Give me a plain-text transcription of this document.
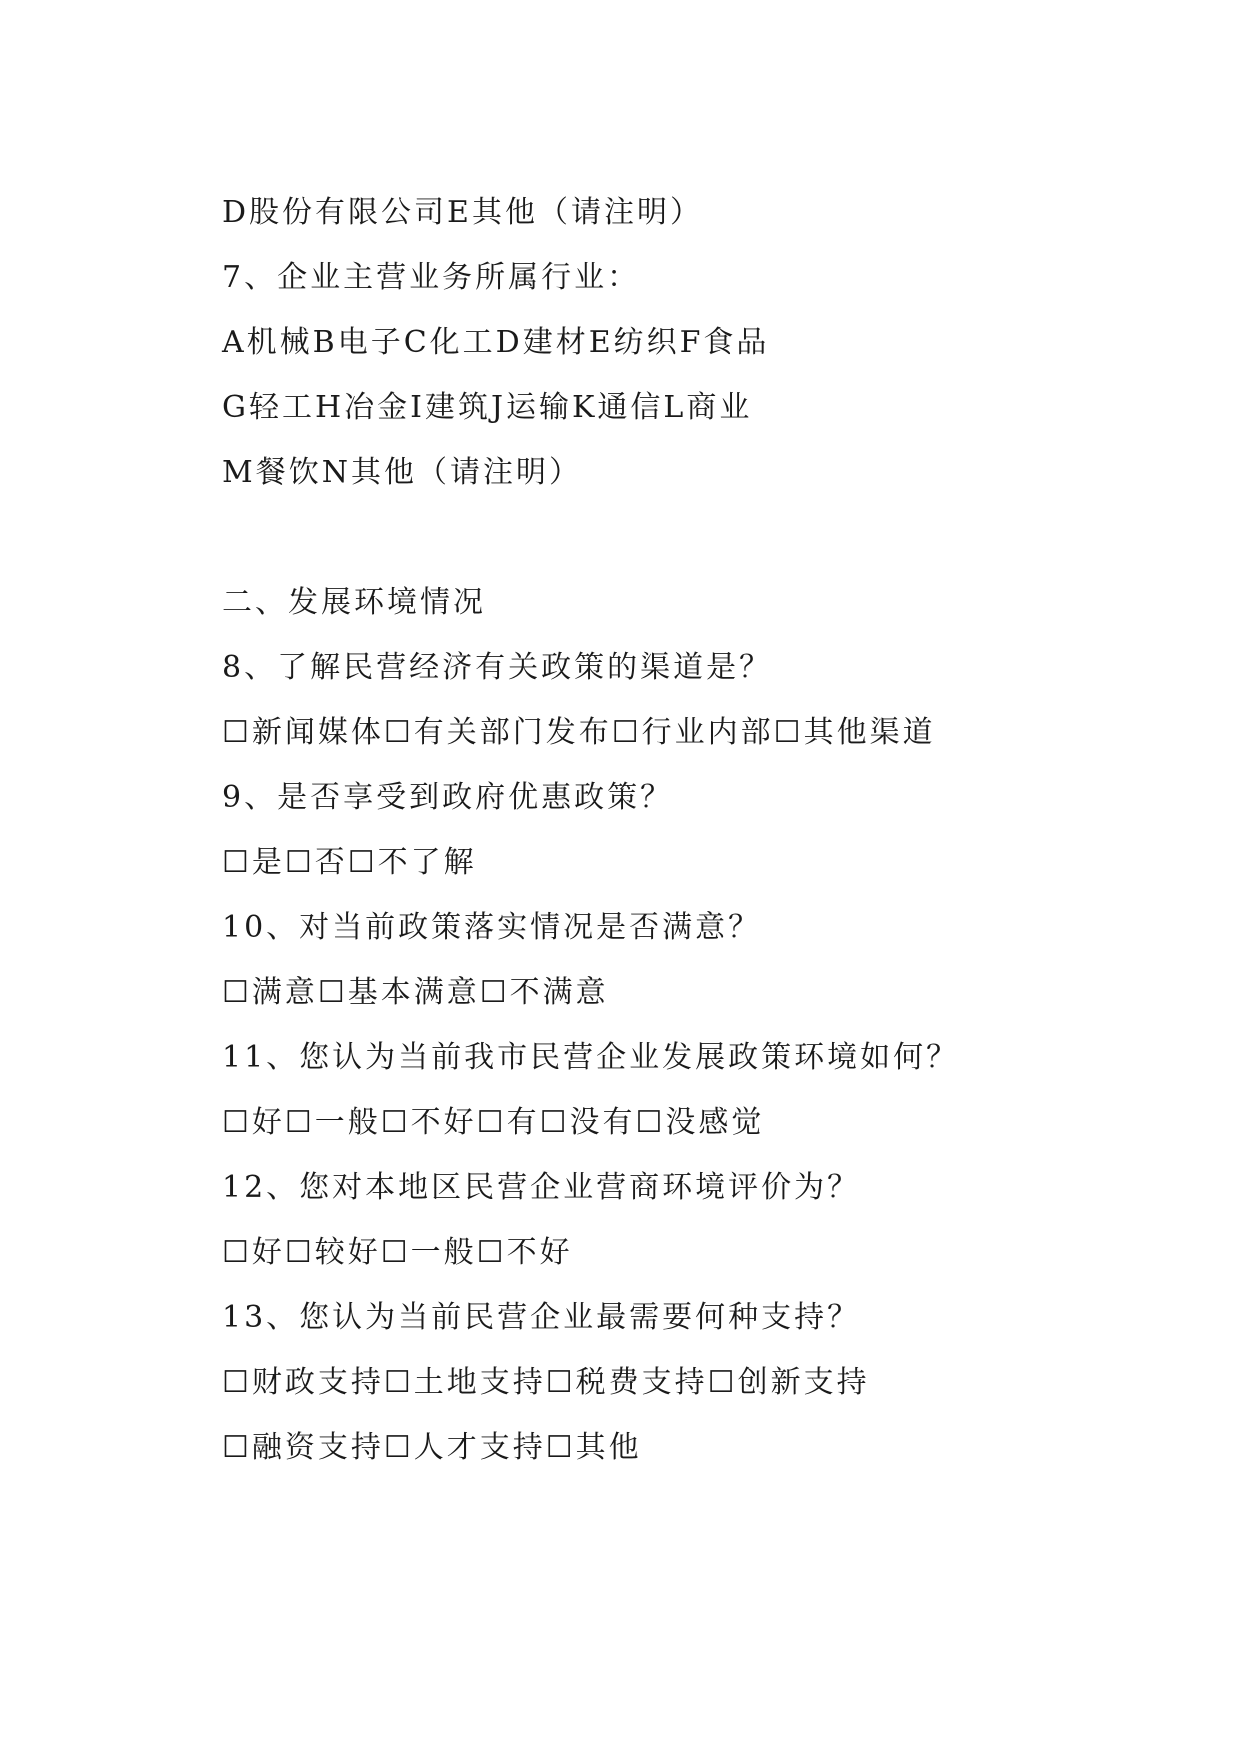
D股份有限公司E其他（请注明）
7、企业主营业务所属行业：
A机械B电子C化工D建材E纺织F食品
G轻工H冶金I建筑J运输K通信L商业
M餐饮N其他（请注明）
二、发展环境情况
8、了解民营经济有关政策的渠道是？
☐新闻媒体☐有关部门发布☐行业内部☐其他渠道
9、是否享受到政府优惠政策？
☐是☐否☐不了解
10、对当前政策落实情况是否满意？
☐满意☐基本满意☐不满意
11、您认为当前我市民营企业发展政策环境如何？
☐好☐一般☐不好☐有☐没有☐没感觉
12、您对本地区民营企业营商环境评价为？
☐好☐较好☐一般☐不好
13、您认为当前民营企业最需要何种支持？
☐财政支持☐土地支持☐税费支持☐创新支持
☐融资支持☐人才支持☐其他
